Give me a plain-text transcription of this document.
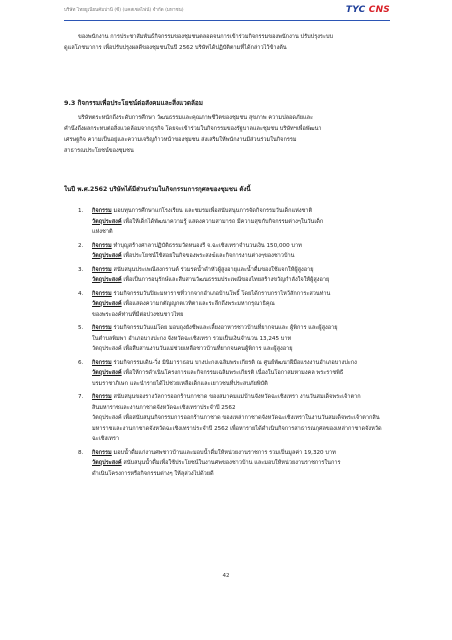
บริษัท ไทยยูเนียนคัมปานี (ซี) (แคสเซลไฟน์) จำกัด (มหาชน)	TYC CNS
ของพนักงาน การประชาสัมพันธ์กิจกรรมของชุมชนตลอดจนการเข้าร่วมกิจกรรมของพนักงาน ปรับปรุงระบบ
ดูแลโภชนาการ เพื่อปรับปรุงผลดีของชุมชนในปี 2562 บริษัทได้ปฏิบัติตามที่ได้กล่าวไว้ข้างต้น
9.3 กิจกรรมเพื่อประโยชน์ต่อสังคมและสิ่งแวดล้อม
บริษัทตระหนักถึงระดับการศึกษา วัฒนธรรมและคุณภาพชีวิตของชุมชน สุขภาพ ความปลอดภัยและ
คำนึงถึงผลกระทบต่อสิ่งแวดล้อมจากธุรกิจ โดยจะเข้าร่วมในกิจกรรมของรัฐบาลและชุมชน บริษัทฯเพื่อพัฒนา
เศรษฐกิจ ความเป็นอยู่และความเจริญก้าวหน้าของชุมชน ส่งเสริมให้พนักงานมีส่วนร่วมในกิจกรรม
สาธารณประโยชน์ของชุมชน
ในปี พ.ศ.2562 บริษัทได้มีส่วนร่วมในกิจกรรมการกุศลของชุมชน ดังนี้
1. กิจกรรม มอบทุนการศึกษาแก่โรงเรียน และชมรมเพื่อสนับสนุนการจัดกิจกรรมวันเด็กแห่งชาติ
วัตถุประสงค์ เพื่อให้เด็กได้พัฒนาความรู้ แสดงความสามารถ มีความสุขกับกิจกรรมต่างๆในวันเด็ก
แห่งชาติ
2. กิจกรรม ทำบุญสร้างศาลาปฏิบัติธรรมวัดหนองรี จ.ฉะเชิงเทราจำนวนเงิน 150,000 บาท
วัตถุประสงค์ เพื่อประโยชน์ใช้สอยในกิจของพระสงฆ์และกิจการงานต่างๆของชาวบ้าน
3. กิจกรรม สนับสนุนประเพณีสงกรานต์ ร่วมรดน้ำดำหัวผู้สูงอายุและน้ำดื่มของใช้แจกให้ผู้สูงอายุ
วัตถุประสงค์ เพื่อเป็นการอนุรักษ์และสืบสานวัฒนธรรมประเพณีของไทยสร้างขวัญกำลังใจให้ผู้สูงอายุ
4. กิจกรรม ร่วมกิจกรรมวันปิยะมหาราชที่วากจากอำเภอบ้านโพธิ์ โดยได้กราบกราไหว้สักการะสวนท่าน
วัตถุประสงค์ เพื่อแสดงความกตัญญูกตเวทิตาและระลึกถึงพระมหากรุณาธิคุณ
ของพระองค์ท่านที่มีต่อปวงชนชาวไทย
5. กิจกรรม ร่วมกิจกรรมวันแม่โดย มอบถุงยังชีพและเลี้ยงอาหารชาวบ้านที่ยากจนและ ผู้พิการ และผู้สูงอายุ
ในตำบลพิมพา อำเภอบางปะกง จังหวัดฉะเชิงเทรา รวมเป็นเงินจำนวน 13,245 บาท
วัตถุประสงค์ เพื่อสืบสานงานวันแม่ช่วยเหลือชาวบ้านที่ยากจนคนผู้พิการ และผู้สูงอายุ
6. กิจกรรม ร่วมกิจกรรมเดิน-วิ่ง มินิมาราธอน บางปะกงเฉลิมพระเกียรติ ณ ศูนย์พัฒนาฝีมือแรงงานอำเภอบางปะกง
วัตถุประสงค์ เพื่อให้การดำเนินโครงการและกิจกรรมเฉลิมพระเกียรติ เนื่องในโอกาสมหามงคล พระราชพิธี
บรมราชาภิเษก และนำรายได้ไปช่วยเหลือเด็กและเยาวชนที่ประสบภัยพิบัติ
7. กิจกรรม สนับสนุนของรางวัลการออกร้านกาชาด ของสมาคมแม่บ้านจังหวัดฉะเชิงเทรา งานวันสมเด็จพระเจ้าตาก
สินมหาราชและงานกาชาดจังหวัดฉะเชิงเทราประจำปี 2562
วัตถุประสงค์ เพื่อสนับสนุนกิจกรรมการออกร้านกาชาด ของเหล่ากาชาดจังหวัดฉะเชิงเทราในงานวันสมเด็จพระเจ้าตากสินมหาราชและงานกาชาดจังหวัดฉะเชิงเทราประจำปี 2562 เพื่อหารายได้ดำเนินกิจการสาธารณกุศลของเหล่ากาชาดจังหวัดฉะเชิงเทรา
8. กิจกรรม มอบน้ำดื่มแก่งานศพชาวบ้านและมอบน้ำดื่มให้หน่วยงานราชการ รวมเป็นมูลค่า 19,320 บาท
วัตถุประสงค์ สนับสนุนน้ำดื่มเพื่อใช้ประโยชน์ในงานศพของชาวบ้าน และมอบให้หน่วยงานราชการในการ
ดำเนินโครงการหรือกิจกรรมต่างๆ ให้ลุล่วงไปด้วยดี
42
